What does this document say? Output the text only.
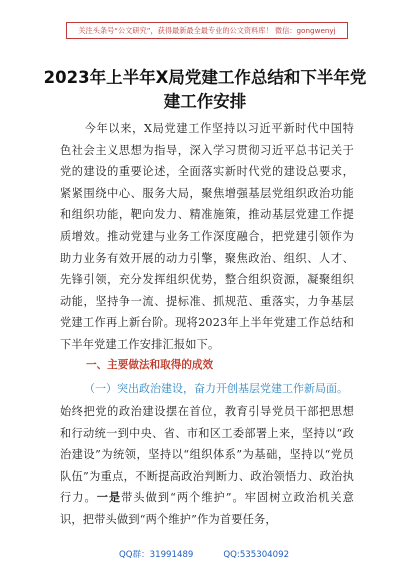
关注头条号“公文研究”，获得最新最全最专业的公文资料库！ 微信：gongwenyj
2023年上半年X局党建工作总结和下半年党建工作安排

今年以来，X局党建工作坚持以习近平新时代中国特色社会主义思想为指导，深入学习贯彻习近平总书记关于党的建设的重要论述，全面落实新时代党的建设总要求，紧紧围绕中心、服务大局，聚焦增强基层党组织政治功能和组织功能，靶向发力、精准施策，推动基层党建工作提质增效。推动党建与业务工作深度融合，把党建引领作为助力业务有效开展的动力引擎，聚焦政治、组织、人才、先锋引领，充分发挥组织优势，整合组织资源，凝聚组织动能，坚持争一流、提标准、抓规范、重落实，力争基层党建工作再上新台阶。现将2023年上半年党建工作总结和下半年党建工作安排汇报如下。

一、主要做法和取得的成效

（一）突出政治建设，奋力开创基层党建工作新局面。

始终把党的政治建设摆在首位，教育引导党员干部把思想和行动统一到中央、省、市和区工委部署上来，坚持以“政治建设”为统领，坚持以“组织体系”为基础，坚持以“党员队伍”为重点，不断提高政治判断力、政治领悟力、政治执行力。一是带头做到“两个维护”。牢固树立政治机关意识，把带头做到“两个维护”作为首要任务，

QQ群：31991489	QQ:535304092
